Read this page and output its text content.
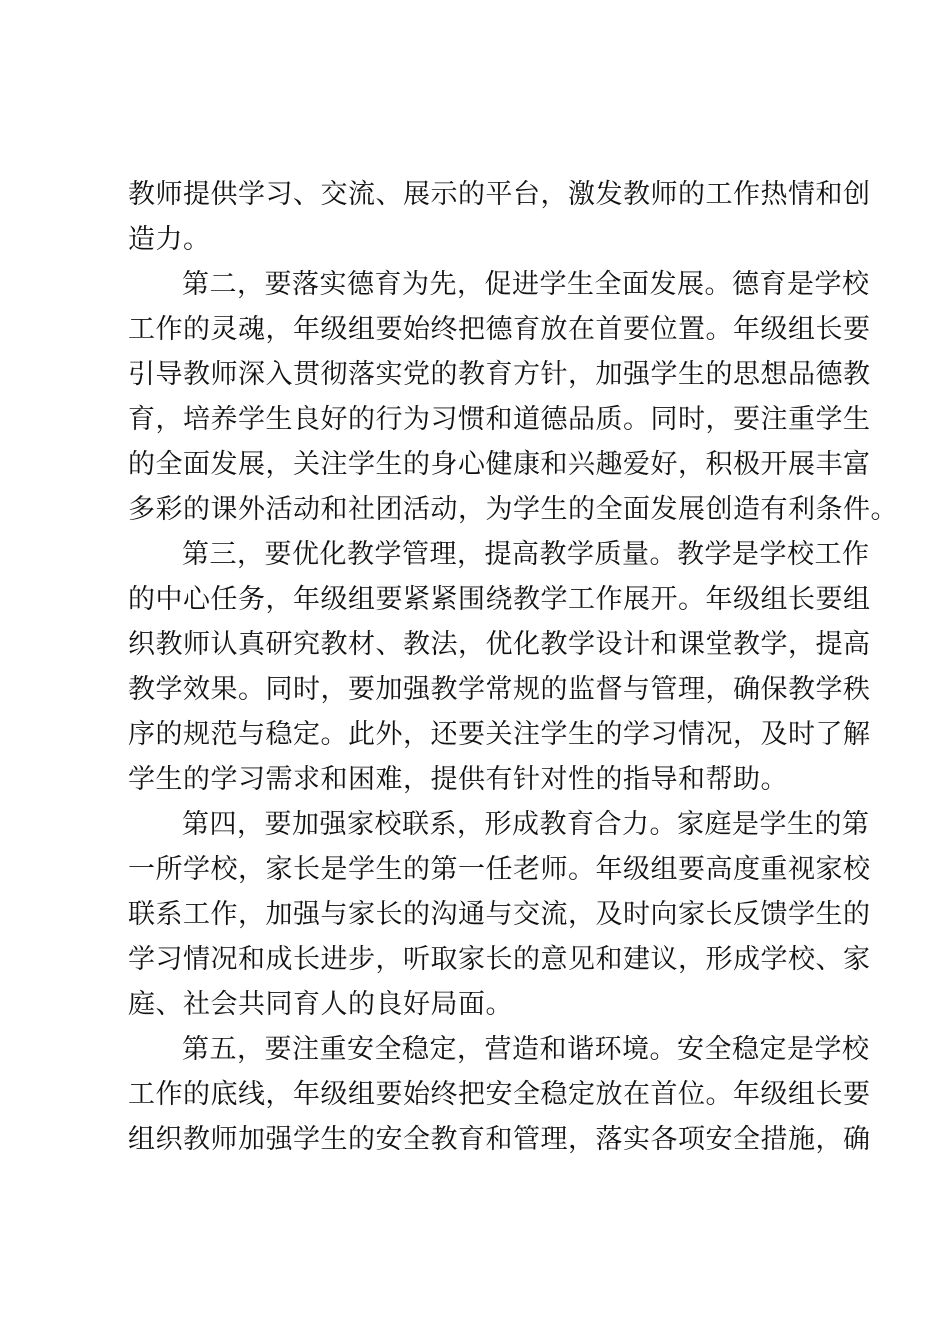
教师提供学习、交流、展示的平台，激发教师的工作热情和创
造力。
第二，要落实德育为先，促进学生全面发展。德育是学校
工作的灵魂，年级组要始终把德育放在首要位置。年级组长要
引导教师深入贯彻落实党的教育方针，加强学生的思想品德教
育，培养学生良好的行为习惯和道德品质。同时，要注重学生
的全面发展，关注学生的身心健康和兴趣爱好，积极开展丰富
多彩的课外活动和社团活动，为学生的全面发展创造有利条件。
第三，要优化教学管理，提高教学质量。教学是学校工作
的中心任务，年级组要紧紧围绕教学工作展开。年级组长要组
织教师认真研究教材、教法，优化教学设计和课堂教学，提高
教学效果。同时，要加强教学常规的监督与管理，确保教学秩
序的规范与稳定。此外，还要关注学生的学习情况，及时了解
学生的学习需求和困难，提供有针对性的指导和帮助。
第四，要加强家校联系，形成教育合力。家庭是学生的第
一所学校，家长是学生的第一任老师。年级组要高度重视家校
联系工作，加强与家长的沟通与交流，及时向家长反馈学生的
学习情况和成长进步，听取家长的意见和建议，形成学校、家
庭、社会共同育人的良好局面。
第五，要注重安全稳定，营造和谐环境。安全稳定是学校
工作的底线，年级组要始终把安全稳定放在首位。年级组长要
组织教师加强学生的安全教育和管理，落实各项安全措施，确
